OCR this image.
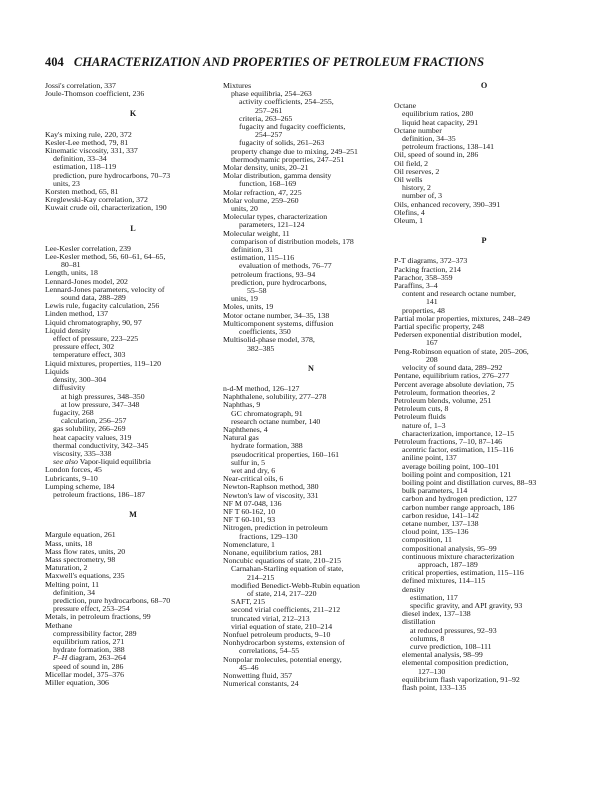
404 CHARACTERIZATION AND PROPERTIES OF PETROLEUM FRACTIONS
Jossi's correlation, 337
Joule-Thomson coefficient, 236
K
Kay's mixing rule, 220, 372
Kesler-Lee method, 79, 81
Kinematic viscosity, 331, 337
definition, 33–34
estimation, 118–119
prediction, pure hydrocarbons, 70–73
units, 23
Korsten method, 65, 81
Kreglewski-Kay correlation, 372
Kuwait crude oil, characterization, 190
L
Lee-Kesler correlation, 239
Lee-Kesler method, 56, 60–61, 64–65,
80–81
Length, units, 18
Lennard-Jones model, 202
Lennard-Jones parameters, velocity of
sound data, 288–289
Lewis rule, fugacity calculation, 256
Linden method, 137
Liquid chromatography, 90, 97
Liquid density
effect of pressure, 223–225
pressure effect, 302
temperature effect, 303
Liquid mixtures, properties, 119–120
Liquids
density, 300–304
diffusivity
at high pressures, 348–350
at low pressure, 347–348
fugacity, 268
calculation, 256–257
gas solubility, 266–269
heat capacity values, 319
thermal conductivity, 342–345
viscosity, 335–338
see also Vapor-liquid equilibria
London forces, 45
Lubricants, 9–10
Lumping scheme, 184
petroleum fractions, 186–187
M
Margule equation, 261
Mass, units, 18
Mass flow rates, units, 20
Mass spectrometry, 98
Maturation, 2
Maxwell's equations, 235
Melting point, 11
definition, 34
prediction, pure hydrocarbons, 68–70
pressure effect, 253–254
Metals, in petroleum fractions, 99
Methane
compressibility factor, 289
equilibrium ratios, 271
hydrate formation, 388
P–H diagram, 263–264
speed of sound in, 286
Micellar model, 375–376
Miller equation, 306
Mixtures
phase equilibria, 254–263
activity coefficients, 254–255,
257–261
criteria, 263–265
fugacity and fugacity coefficients,
254–257
fugacity of solids, 261–263
property change due to mixing, 249–251
thermodynamic properties, 247–251
Molar density, units, 20–21
Molar distribution, gamma density
function, 168–169
Molar refraction, 47, 225
Molar volume, 259–260
units, 20
Molecular types, characterization
parameters, 121–124
Molecular weight, 11
comparison of distribution models, 178
definition, 31
estimation, 115–116
evaluation of methods, 76–77
petroleum fractions, 93–94
prediction, pure hydrocarbons,
55–58
units, 19
Moles, units, 19
Motor octane number, 34–35, 138
Multicomponent systems, diffusion
coefficients, 350
Multisolid-phase model, 378,
382–385
N
n-d-M method, 126–127
Naphthalene, solubility, 277–278
Naphthas, 9
GC chromatograph, 91
research octane number, 140
Naphthenes, 4
Natural gas
hydrate formation, 388
pseudocritical properties, 160–161
sulfur in, 5
wet and dry, 6
Near-critical oils, 6
Newton-Raphson method, 380
Newton's law of viscosity, 331
NF M 07-048, 136
NF T 60-162, 10
NF T 60-101, 93
Nitrogen, prediction in petroleum
fractions, 129–130
Nomenclature, 1
Nonane, equilibrium ratios, 281
Noncubic equations of state, 210–215
Carnahan-Starling equation of state,
214–215
modified Benedict-Webb-Rubin equation
of state, 214, 217–220
SAFT, 215
second virial coefficients, 211–212
truncated virial, 212–213
virial equation of state, 210–214
Nonfuel petroleum products, 9–10
Nonhydrocarbon systems, extension of
correlations, 54–55
Nonpolar molecules, potential energy,
45–46
Nonwetting fluid, 357
Numerical constants, 24
O
Octane
equilibrium ratios, 280
liquid heat capacity, 291
Octane number
definition, 34–35
petroleum fractions, 138–141
Oil, speed of sound in, 286
Oil field, 2
Oil reserves, 2
Oil wells
history, 2
number of, 3
Oils, enhanced recovery, 390–391
Olefins, 4
Oleum, 1
P
P-T diagrams, 372–373
Packing fraction, 214
Parachor, 358–359
Paraffins, 3–4
content and research octane number,
141
properties, 48
Partial molar properties, mixtures, 248–249
Partial specific property, 248
Pedersen exponential distribution model,
167
Peng-Robinson equation of state, 205–206,
208
velocity of sound data, 289–292
Pentane, equilibrium ratios, 276–277
Percent average absolute deviation, 75
Petroleum, formation theories, 2
Petroleum blends, volume, 251
Petroleum cuts, 8
Petroleum fluids
nature of, 1–3
characterization, importance, 12–15
Petroleum fractions, 7–10, 87–146
acentric factor, estimation, 115–116
aniline point, 137
average boiling point, 100–101
boiling point and composition, 121
boiling point and distillation curves, 88–93
bulk parameters, 114
carbon and hydrogen prediction, 127
carbon number range approach, 186
carbon residue, 141–142
cetane number, 137–138
cloud point, 135–136
composition, 11
compositional analysis, 95–99
continuous mixture characterization
approach, 187–189
critical properties, estimation, 115–116
defined mixtures, 114–115
density
estimation, 117
specific gravity, and API gravity, 93
diesel index, 137–138
distillation
at reduced pressures, 92–93
columns, 8
curve prediction, 108–111
elemental analysis, 98–99
elemental composition prediction,
127–130
equilibrium flash vaporization, 91–92
flash point, 133–135
